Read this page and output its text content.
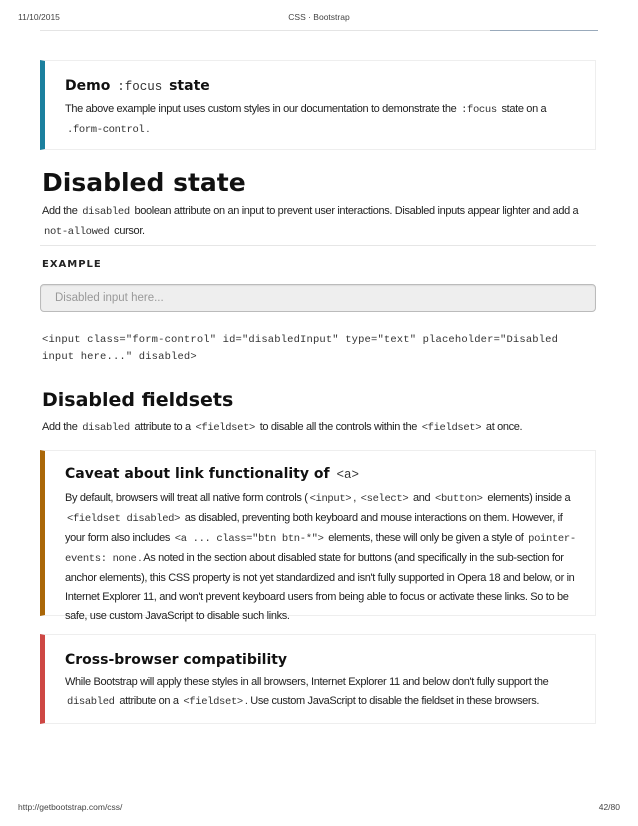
11/10/2015	CSS · Bootstrap
Demo :focus state

The above example input uses custom styles in our documentation to demonstrate the :focus state on a .form-control .

Disabled state

Add the disabled boolean attribute on an input to prevent user interactions. Disabled inputs appear lighter and add a not-allowed cursor.

EXAMPLE
Disabled input here...
<input class="form-control" id="disabledInput" type="text" placeholder="Disabled input here..." disabled>
Disabled fieldsets

Add the disabled attribute to a <fieldset> to disable all the controls within the <fieldset> at once.

Caveat about link functionality of <a>

By default, browsers will treat all native form controls ( <input> , <select> and <button> elements) inside a <fieldset disabled> as disabled, preventing both keyboard and mouse interactions on them. However, if your form also includes <a ... class="btn btn-*"> elements, these will only be given a style of pointer-events: none . As noted in the section about disabled state for buttons (and specifically in the sub-section for anchor elements), this CSS property is not yet standardized and isn't fully supported in Opera 18 and below, or in Internet Explorer 11, and won't prevent keyboard users from being able to focus or activate these links. So to be safe, use custom JavaScript to disable such links.

Cross-browser compatibility

While Bootstrap will apply these styles in all browsers, Internet Explorer 11 and below don't fully support the disabled attribute on a <fieldset> . Use custom JavaScript to disable the fieldset in these browsers.

http://getbootstrap.com/css/	42/80
